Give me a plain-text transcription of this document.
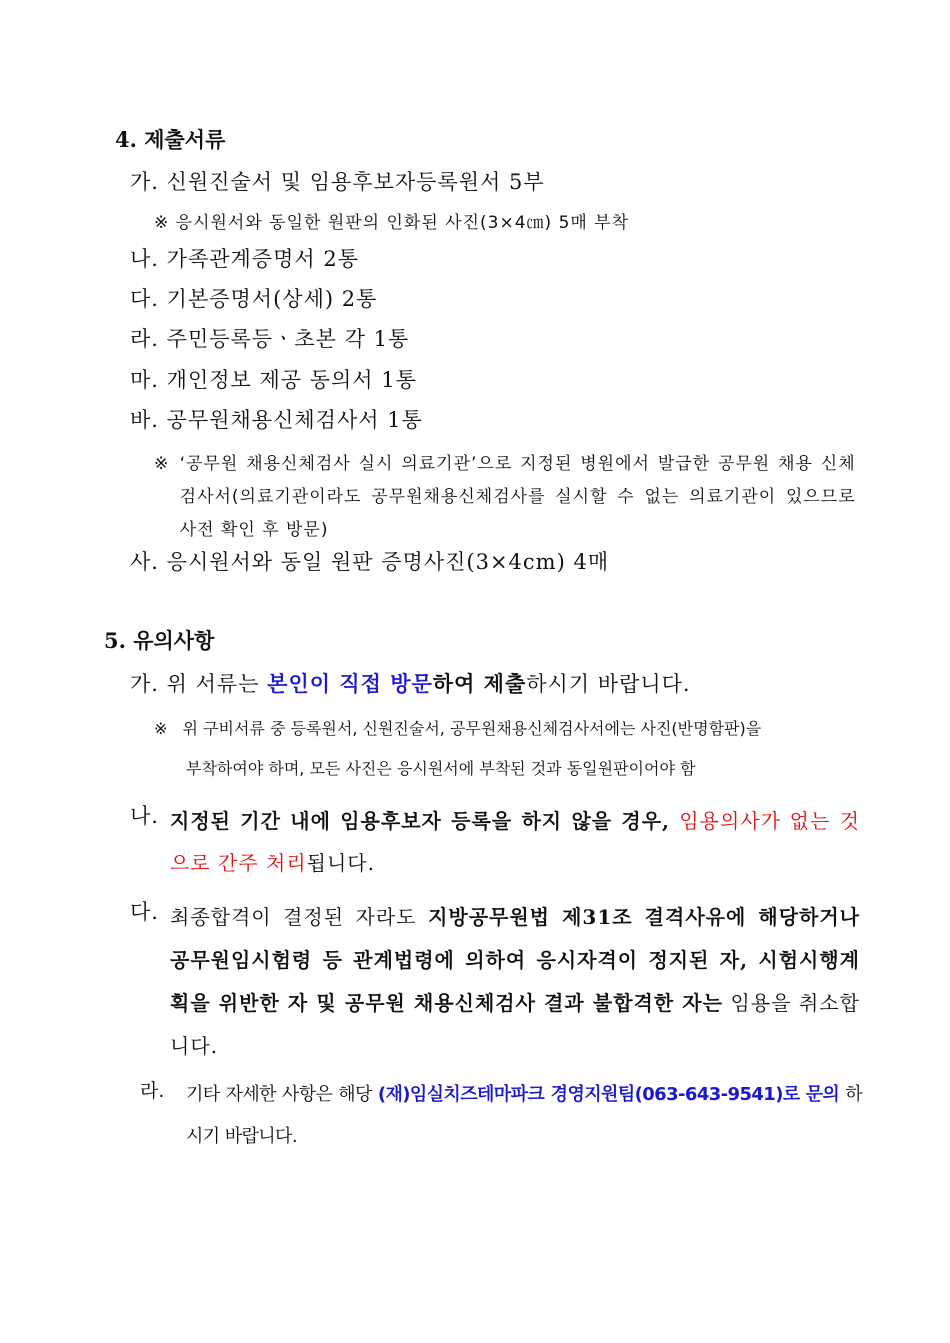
4. 제출서류
가. 신원진술서 및 임용후보자등록원서 5부
※ 응시원서와 동일한 원판의 인화된 사진(3×4㎝) 5매 부착
나. 가족관계증명서 2통
다. 기본증명서(상세) 2통
라. 주민등록등ㆍ초본 각 1통
마. 개인정보 제공 동의서 1통
바. 공무원채용신체검사서 1통
※ ‘공무원 채용신체검사 실시 의료기관’으로 지정된 병원에서 발급한 공무원 채용 신체 검사서(의료기관이라도 공무원채용신체검사를 실시할 수 없는 의료기관이 있으므로 사전 확인 후 방문)
사. 응시원서와 동일 원판 증명사진(3×4cm) 4매
5. 유의사항
가. 위 서류는 본인이 직접 방문하여 제출하시기 바랍니다.
※ 위 구비서류 중 등록원서, 신원진술서, 공무원채용신체검사서에는 사진(반명함판)을
부착하여야 하며, 모든 사진은 응시원서에 부착된 것과 동일원판이어야 함
나. 지정된 기간 내에 임용후보자 등록을 하지 않을 경우, 임용의사가 없는 것으로 간주 처리됩니다.
다. 최종합격이 결정된 자라도 지방공무원법 제31조 결격사유에 해당하거나 공무원임시험령 등 관계법령에 의하여 응시자격이 정지된 자, 시험시행계획을 위반한 자 및 공무원 채용신체검사 결과 불합격한 자는 임용을 취소합니다.
라. 기타 자세한 사항은 해당 (재)임실치즈테마파크 경영지원팀(063-643-9541)로 문의 하시기 바랍니다.
